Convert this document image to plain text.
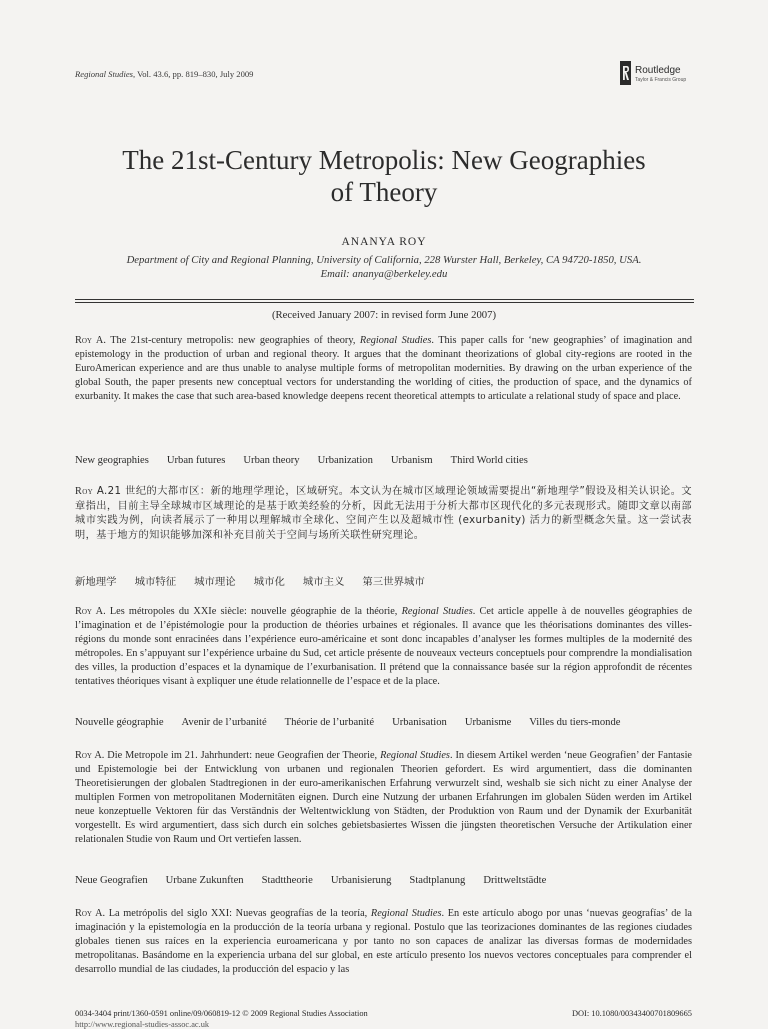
Regional Studies, Vol. 43.6, pp. 819–830, July 2009	Routledge
Taylor & Francis Group
The 21st-Century Metropolis: New Geographies
of Theory
ANANYA ROY
Department of City and Regional Planning, University of California, 228 Wurster Hall, Berkeley, CA 94720-1850, USA.
Email: ananya@berkeley.edu
(Received January 2007: in revised form June 2007)
Roy A. The 21st-century metropolis: new geographies of theory, Regional Studies. This paper calls for ‘new geographies’ of imagination and epistemology in the production of urban and regional theory. It argues that the dominant theorizations of global city-regions are rooted in the EuroAmerican experience and are thus unable to analyse multiple forms of metropolitan modernities. By drawing on the urban experience of the global South, the paper presents new conceptual vectors for understanding the worlding of cities, the production of space, and the dynamics of exurbanity. It makes the case that such area-based knowledge deepens recent theoretical attempts to articulate a relational study of space and place.
New geographies Urban futures Urban theory Urbanization Urbanism Third World cities
Roy A.21 世纪的大都市区：新的地理学理论，区域研究。本文认为在城市区域理论领域需要提出“新地理学”假设及相关认识论。文章指出，目前主导全球城市区域理论的是基于欧美经验的分析，因此无法用于分析大都市区现代化的多元表现形式。随即文章以南部城市实践为例，向读者展示了一种用以理解城市全球化、空间产生以及超城市性 (exurbanity) 活力的新型概念矢量。这一尝试表明，基于地方的知识能够加深和补充目前关于空间与场所关联性研究理论。
新地理学 城市特征 城市理论 城市化 城市主义 第三世界城市
Roy A. Les métropoles du XXIe siècle: nouvelle géographie de la théorie, Regional Studies. Cet article appelle à de nouvelles géographies de l’imagination et de l’épistémologie pour la production de théories urbaines et régionales. Il avance que les théorisations dominantes des villes-régions du monde sont enracinées dans l’expérience euro-américaine et sont donc incapables d’analyser les formes multiples de la modernité des métropoles. En s’appuyant sur l’expérience urbaine du Sud, cet article présente de nouveaux vecteurs conceptuels pour comprendre la mondialisation des villes, la production d’espaces et la dynamique de l’exurbanisation. Il prétend que la connaissance basée sur la région approfondit de récentes tentatives théoriques visant à expliquer une étude relationnelle de l’espace et de la place.
Nouvelle géographie Avenir de l’urbanité Théorie de l’urbanité Urbanisation Urbanisme Villes du tiers-monde
Roy A. Die Metropole im 21. Jahrhundert: neue Geografien der Theorie, Regional Studies. In diesem Artikel werden ‘neue Geografien’ der Fantasie und Epistemologie bei der Entwicklung von urbanen und regionalen Theorien gefordert. Es wird argumentiert, dass die dominanten Theoretisierungen der globalen Stadtregionen in der euro-amerikanischen Erfahrung verwurzelt sind, weshalb sie sich nicht zu einer Analyse der multiplen Formen von metropolitanen Modernitäten eignen. Durch eine Nutzung der urbanen Erfahrungen im globalen Süden werden im Artikel neue konzeptuelle Vektoren für das Verständnis der Weltentwicklung von Städten, der Produktion von Raum und der Dynamik der Exurbanität vorgestellt. Es wird argumentiert, dass sich durch ein solches gebietsbasiertes Wissen die jüngsten theoretischen Versuche der Artikulation einer relationalen Studie von Raum und Ort vertiefen lassen.
Neue Geografien Urbane Zukunften Stadttheorie Urbanisierung Stadtplanung Drittweltstädte
Roy A. La metrópolis del siglo XXI: Nuevas geografías de la teoría, Regional Studies. En este artículo abogo por unas ‘nuevas geografías’ de la imaginación y la epistemología en la producción de la teoría urbana y regional. Postulo que las teorizaciones dominantes de las regiones ciudades globales tienen sus raíces en la experiencia euroamericana y por tanto no son capaces de analizar las diversas formas de modernidades metropolitanas. Basándome en la experiencia urbana del sur global, en este artículo presento los nuevos vectores conceptuales para comprender el desarrollo mundial de las ciudades, la producción del espacio y las
0034-3404 print/1360-0591 online/09/060819-12 © 2009 Regional Studies Association	DOI: 10.1080/00343400701809665
http://www.regional-studies-assoc.ac.uk
